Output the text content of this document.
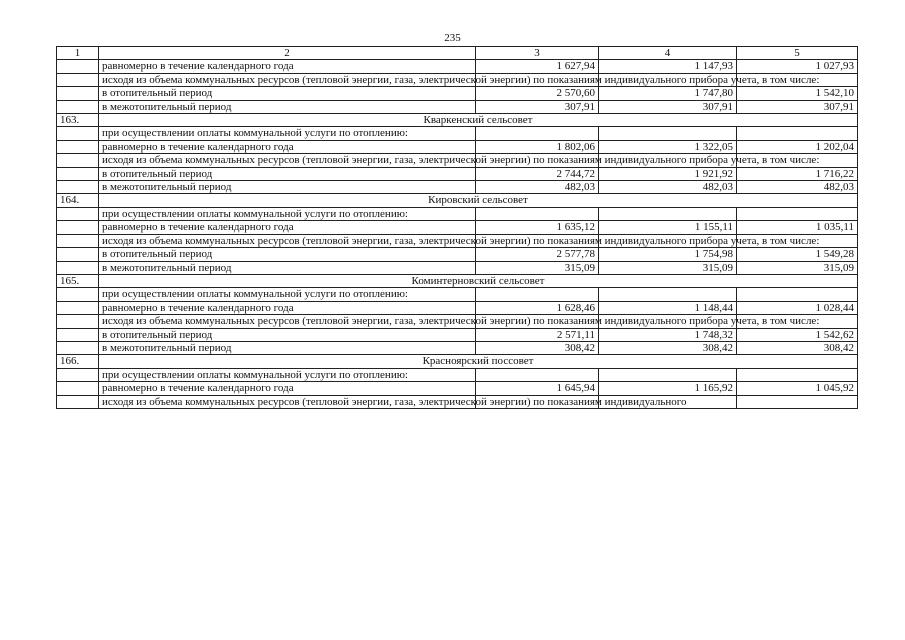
235
1	2	3	4	5
	равномерно в течение календарного года	1 627,94	1 147,93	1 027,93
	исходя из объема коммунальных ресурсов (тепловой энергии, газа, электрической энергии) по показаниям индивидуального прибора учета, в том числе:			
	в отопительный период	2 570,60	1 747,80	1 542,10
	в межотопительный период	307,91	307,91	307,91
163.	Кваркенский сельсовет			
	при осуществлении оплаты коммунальной услуги по отоплению:			
	равномерно в течение календарного года	1 802,06	1 322,05	1 202,04
	исходя из объема коммунальных ресурсов (тепловой энергии, газа, электрической энергии) по показаниям индивидуального прибора учета, в том числе:			
	в отопительный период	2 744,72	1 921,92	1 716,22
	в межотопительный период	482,03	482,03	482,03
164.	Кировский сельсовет			
	при осуществлении оплаты коммунальной услуги по отоплению:			
	равномерно в течение календарного года	1 635,12	1 155,11	1 035,11
	исходя из объема коммунальных ресурсов (тепловой энергии, газа, электрической энергии) по показаниям индивидуального прибора учета, в том числе:			
	в отопительный период	2 577,78	1 754,98	1 549,28
	в межотопительный период	315,09	315,09	315,09
165.	Коминтерновский сельсовет			
	при осуществлении оплаты коммунальной услуги по отоплению:			
	равномерно в течение календарного года	1 628,46	1 148,44	1 028,44
	исходя из объема коммунальных ресурсов (тепловой энергии, газа, электрической энергии) по показаниям индивидуального прибора учета, в том числе:			
	в отопительный период	2 571,11	1 748,32	1 542,62
	в межотопительный период	308,42	308,42	308,42
166.	Красноярский поссовет			
	при осуществлении оплаты коммунальной услуги по отоплению:			
	равномерно в течение календарного года	1 645,94	1 165,92	1 045,92
	исходя из объема коммунальных ресурсов (тепловой энергии, газа, электрической энергии) по показаниям индивидуального			
